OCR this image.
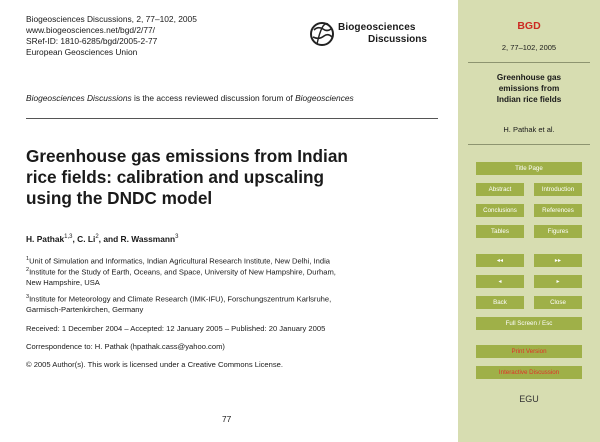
Biogeosciences Discussions, 2, 77–102, 2005
www.biogeosciences.net/bgd/2/77/
SRef-ID: 1810-6285/bgd/2005-2-77
European Geosciences Union
Biogeosciences
Discussions
Biogeosciences Discussions is the access reviewed discussion forum of Biogeosciences
Greenhouse gas emissions from Indian
rice fields: calibration and upscaling
using the DNDC model
H. Pathak$^{1,3}$, C. Li$^2$, and R. Wassmann$^3$
$^1$Unit of Simulation and Informatics, Indian Agricultural Research Institute, New Delhi, India
$^2$Institute for the Study of Earth, Oceans, and Space, University of New Hampshire, Durham,
New Hampshire, USA
$^3$Institute for Meteorology and Climate Research (IMK-IFU), Forschungszentrum Karlsruhe,
Garmisch-Partenkirchen, Germany
Received: 1 December 2004 – Accepted: 12 January 2005 – Published: 20 January 2005
Correspondence to: H. Pathak (hpathak.cass@yahoo.com)
© 2005 Author(s). This work is licensed under a Creative Commons License.
77
BGD
2, 77–102, 2005
Greenhouse gas
emissions from
Indian rice fields
H. Pathak et al.
Title Page
Abstract	Introduction
Conclusions	References
Tables	Figures
◂◂	▸▸
◂	▸
Back	Close
Full Screen / Esc
Print Version
Interactive Discussion
EGU
